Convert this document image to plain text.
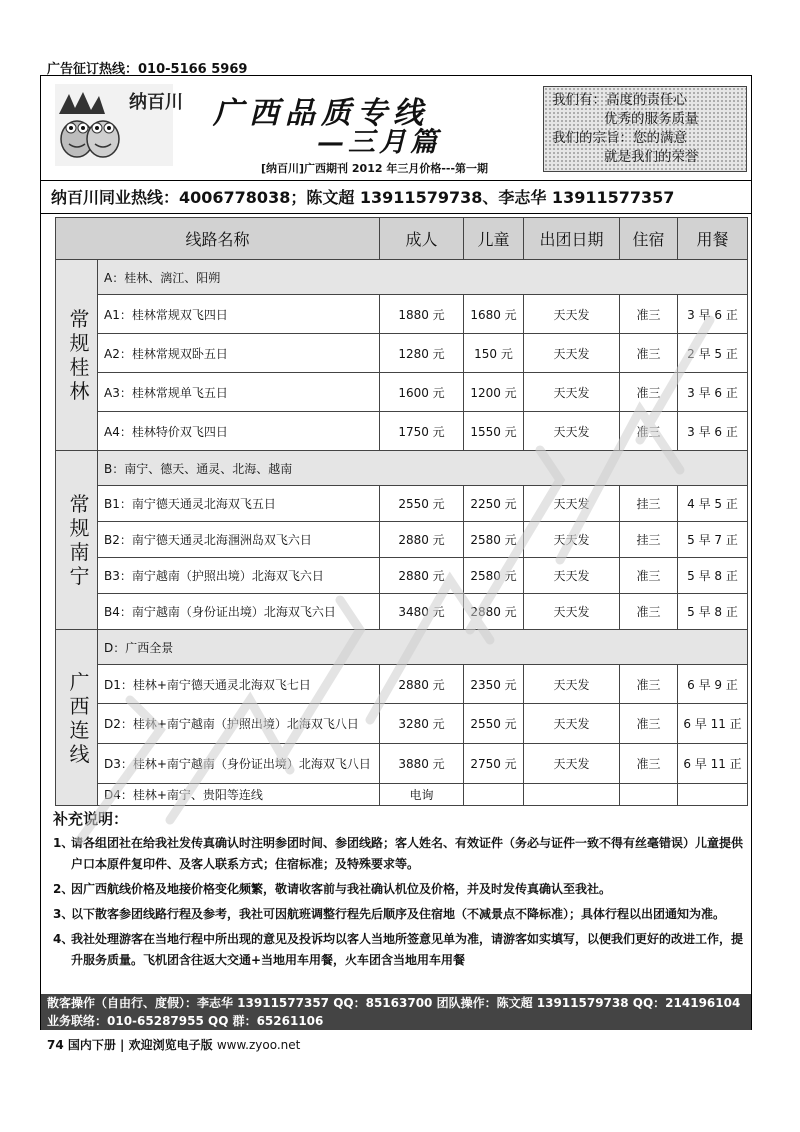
广告征订热线：010-5166 5969
纳百川 广西品质专线
—三月篇
[纳百川]广西期刊 2012 年三月价格---第一期
我们有：高度的责任心
优秀的服务质量
我们的宗旨：您的满意
就是我们的荣誉
纳百川同业热线：4006778038；陈文超 13911579738、李志华 13911577357
线路名称		成人	儿童	出团日期	住宿	用餐
常规桂林	A：桂林、漓江、阳朔					
	A1：桂林常规双飞四日	1880 元	1680 元	天天发	准三	3 早 6 正
	A2：桂林常规双卧五日	1280 元	150 元	天天发	准三	2 早 5 正
	A3：桂林常规单飞五日	1600 元	1200 元	天天发	准三	3 早 6 正
	A4：桂林特价双飞四日	1750 元	1550 元	天天发	准三	3 早 6 正
常规南宁	B：南宁、德天、通灵、北海、越南					
	B1：南宁德天通灵北海双飞五日	2550 元	2250 元	天天发	挂三	4 早 5 正
	B2：南宁德天通灵北海涠洲岛双飞六日	2880 元	2580 元	天天发	挂三	5 早 7 正
	B3：南宁越南（护照出境）北海双飞六日	2880 元	2580 元	天天发	准三	5 早 8 正
	B4：南宁越南（身份证出境）北海双飞六日	3480 元	2880 元	天天发	准三	5 早 8 正
广西连线	D：广西全景					
	D1：桂林+南宁德天通灵北海双飞七日	2880 元	2350 元	天天发	准三	6 早 9 正
	D2：桂林+南宁越南（护照出境）北海双飞八日	3280 元	2550 元	天天发	准三	6 早 11 正
	D3：桂林+南宁越南（身份证出境）北海双飞八日	3880 元	2750 元	天天发	准三	6 早 11 正
	D4：桂林+南宁、贵阳等连线	电询				
补充说明：
1、
请各组团社在给我社发传真确认时注明参团时间、参团线路；客人姓名、有效证件（务必与证件一致不得有丝毫错误）儿童提供户口本原件复印件、及客人联系方式；住宿标准；及特殊要求等。
2、
因广西航线价格及地接价格变化频繁，敬请收客前与我社确认机位及价格，并及时发传真确认至我社。
3、
以下散客参团线路行程及参考，我社可因航班调整行程先后顺序及住宿地（不减景点不降标准）；具体行程以出团通知为准。
4、
我社处理游客在当地行程中所出现的意见及投诉均以客人当地所签意见单为准，请游客如实填写，以便我们更好的改进工作，提升服务质量。飞机团含往返大交通+当地用车用餐，火车团含当地用车用餐
散客操作（自由行、度假）：李志华 13911577357 QQ：85163700 团队操作：陈文超 13911579738 QQ：214196104
业务联络：010-65287955 QQ 群：65261106
74 国内下册 | 欢迎浏览电子版 www.zyoo.net
